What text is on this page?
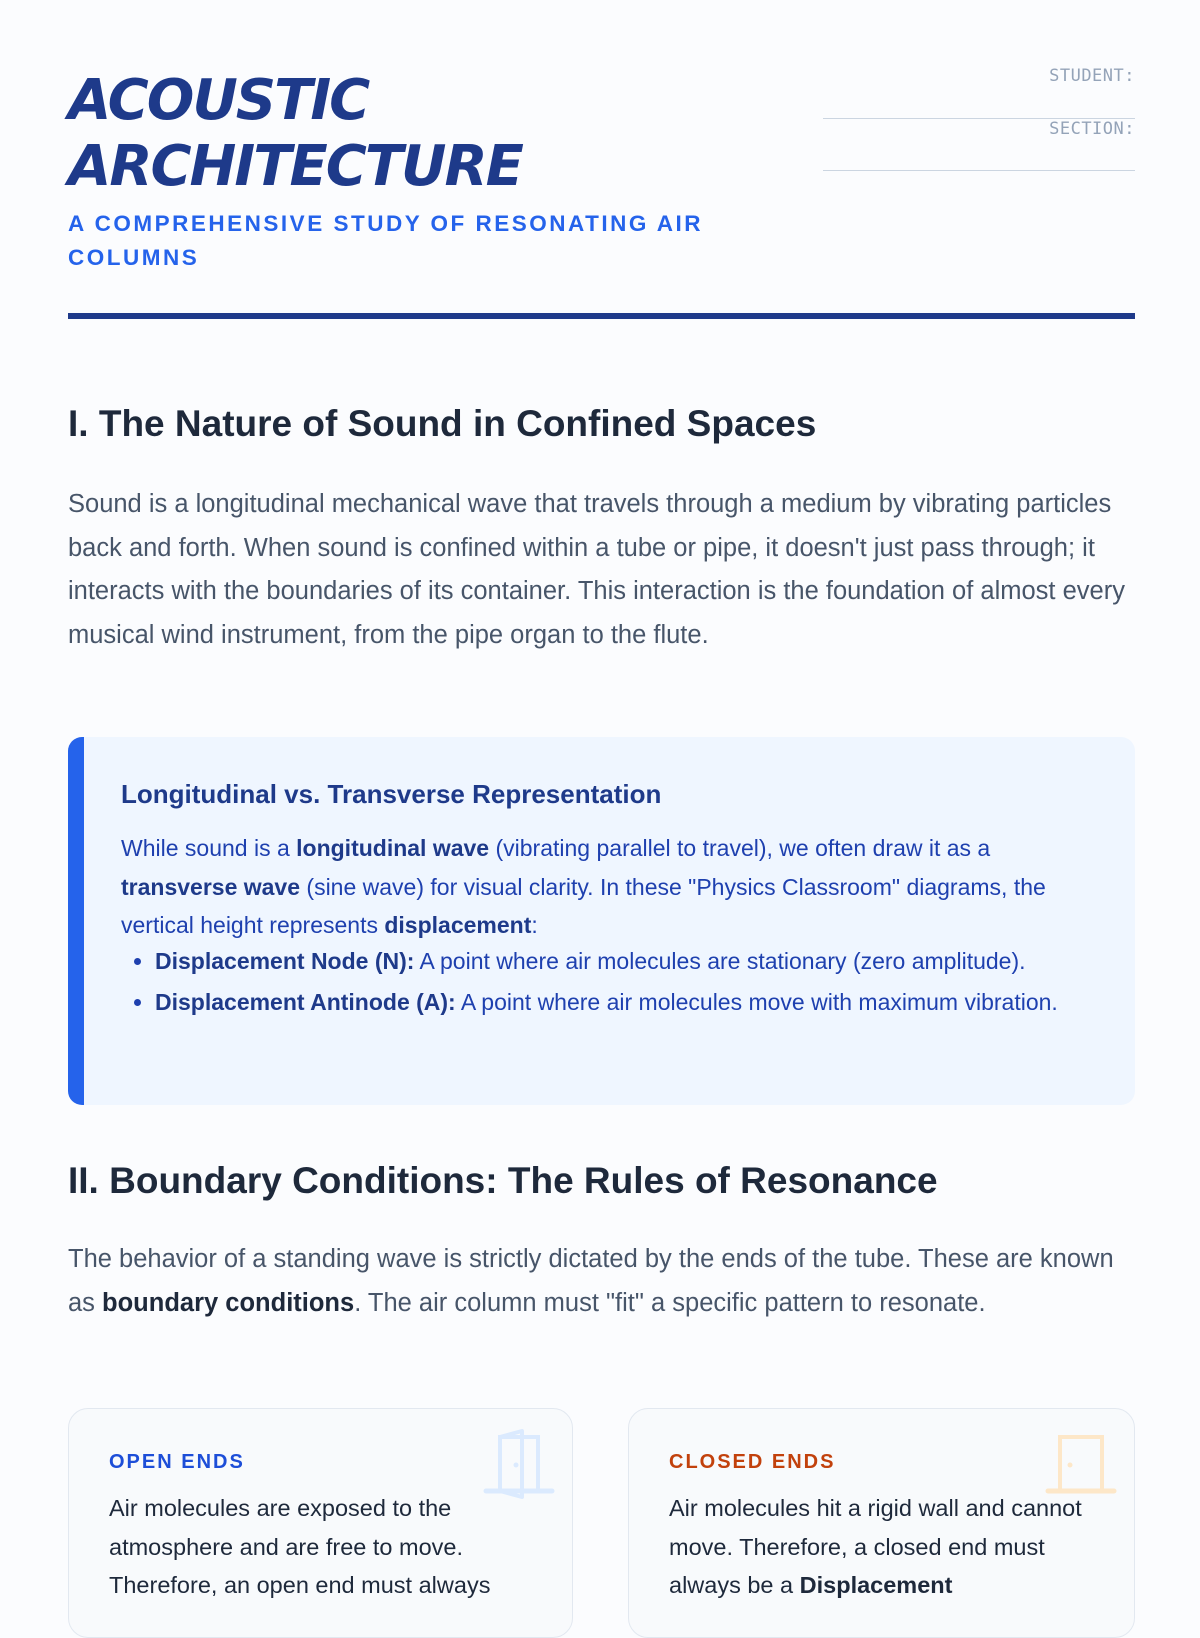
ACOUSTIC
ARCHITECTURE

A COMPREHENSIVE STUDY OF RESONATING AIR COLUMNS

STUDENT:
SECTION:
I. The Nature of Sound in Confined Spaces

Sound is a longitudinal mechanical wave that travels through a medium by vibrating particles back and forth. When sound is confined within a tube or pipe, it doesn't just pass through; it interacts with the boundaries of its container. This interaction is the foundation of almost every musical wind instrument, from the pipe organ to the flute.

Longitudinal vs. Transverse Representation

While sound is a longitudinal wave (vibrating parallel to travel), we often draw it as a transverse wave (sine wave) for visual clarity. In these "Physics Classroom" diagrams, the vertical height represents displacement:

• Displacement Node (N): A point where air molecules are stationary (zero amplitude).
• Displacement Antinode (A): A point where air molecules move with maximum vibration.
II. Boundary Conditions: The Rules of Resonance

The behavior of a standing wave is strictly dictated by the ends of the tube. These are known as boundary conditions. The air column must "fit" a specific pattern to resonate.

OPEN ENDS

Air molecules are exposed to the atmosphere and are free to move. Therefore, an open end must always

CLOSED ENDS

Air molecules hit a rigid wall and cannot move. Therefore, a closed end must always be a Displacement
